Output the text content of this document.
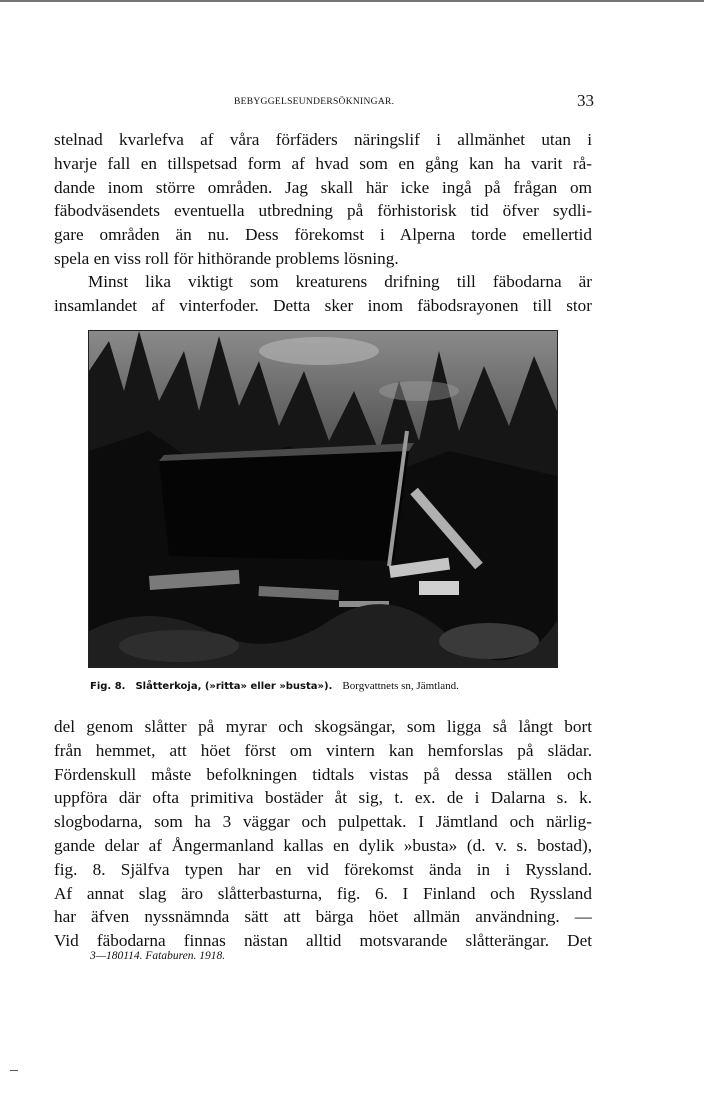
BEBYGGELSEUNDERSÖKNINGAR.	33
stelnad kvarlefva af våra förfäders näringslif i allmänhet utan i
hvarje fall en tillspetsad form af hvad som en gång kan ha varit rå-
dande inom större områden. Jag skall här icke ingå på frågan om
fäbodväsendets eventuella utbredning på förhistorisk tid öfver sydli-
gare områden än nu. Dess förekomst i Alperna torde emellertid
spela en viss roll för hithörande problems lösning.
Minst lika viktigt som kreaturens drifning till fäbodarna är
insamlandet af vinterfoder. Detta sker inom fäbodsrayonen till stor
Fig. 8. Slåtterkoja, (»ritta» eller »busta»). Borgvattnets sn, Jämtland.
del genom slåtter på myrar och skogsängar, som ligga så långt bort
från hemmet, att höet först om vintern kan hemforslas på slädar.
Fördenskull måste befolkningen tidtals vistas på dessa ställen och
uppföra där ofta primitiva bostäder åt sig, t. ex. de i Dalarna s. k.
slogbodarna, som ha 3 väggar och pulpettak. I Jämtland och närlig-
gande delar af Ångermanland kallas en dylik »busta» (d. v. s. bostad),
fig. 8. Själfva typen har en vid förekomst ända in i Ryssland.
Af annat slag äro slåtterbasturna, fig. 6. I Finland och Ryssland
har äfven nyssnämnda sätt att bärga höet allmän användning. —
Vid fäbodarna finnas nästan alltid motsvarande slåtterängar. Det
3—180114. Fataburen. 1918.
